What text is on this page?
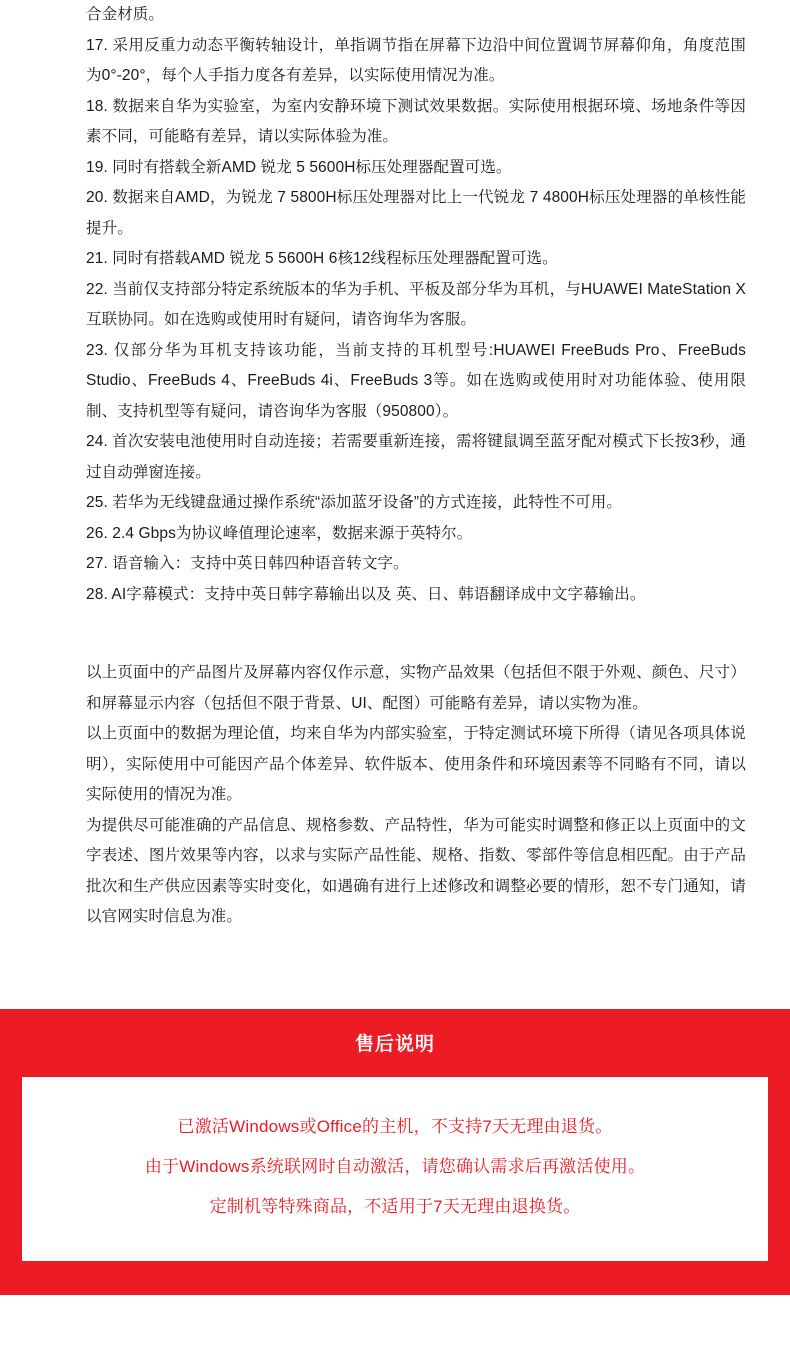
合金材质。
17. 采用反重力动态平衡转轴设计，单指调节指在屏幕下边沿中间位置调节屏幕仰角，角度范围为0°-20°，每个人手指力度各有差异，以实际使用情况为准。
18. 数据来自华为实验室，为室内安静环境下测试效果数据。实际使用根据环境、场地条件等因素不同，可能略有差异，请以实际体验为准。
19. 同时有搭载全新AMD 锐龙 5 5600H标压处理器配置可选。
20. 数据来自AMD，为锐龙 7 5800H标压处理器对比上一代锐龙 7 4800H标压处理器的单核性能提升。
21. 同时有搭载AMD 锐龙 5 5600H 6核12线程标压处理器配置可选。
22. 当前仅支持部分特定系统版本的华为手机、平板及部分华为耳机，与HUAWEI MateStation X互联协同。如在选购或使用时有疑问，请咨询华为客服。
23. 仅部分华为耳机支持该功能，当前支持的耳机型号:HUAWEI FreeBuds Pro、FreeBuds Studio、FreeBuds 4、FreeBuds 4i、FreeBuds 3等。如在选购或使用时对功能体验、使用限制、支持机型等有疑问，请咨询华为客服（950800）。
24. 首次安装电池使用时自动连接；若需要重新连接，需将键鼠调至蓝牙配对模式下长按3秒，通过自动弹窗连接。
25. 若华为无线键盘通过操作系统“添加蓝牙设备”的方式连接，此特性不可用。
26. 2.4 Gbps为协议峰值理论速率，数据来源于英特尔。
27. 语音输入：支持中英日韩四种语音转文字。
28. AI字幕模式：支持中英日韩字幕输出以及 英、日、韩语翻译成中文字幕输出。
以上页面中的产品图片及屏幕内容仅作示意，实物产品效果（包括但不限于外观、颜色、尺寸）和屏幕显示内容（包括但不限于背景、UI、配图）可能略有差异，请以实物为准。
以上页面中的数据为理论值，均来自华为内部实验室，于特定测试环境下所得（请见各项具体说明），实际使用中可能因产品个体差异、软件版本、使用条件和环境因素等不同略有不同，请以实际使用的情况为准。
为提供尽可能准确的产品信息、规格参数、产品特性，华为可能实时调整和修正以上页面中的文字表述、图片效果等内容，以求与实际产品性能、规格、指数、零部件等信息相匹配。由于产品批次和生产供应因素等实时变化，如遇确有进行上述修改和调整必要的情形，恕不专门通知，请以官网实时信息为准。
售后说明
已激活Windows或Office的主机，不支持7天无理由退货。
由于Windows系统联网时自动激活，请您确认需求后再激活使用。
定制机等特殊商品，不适用于7天无理由退换货。
